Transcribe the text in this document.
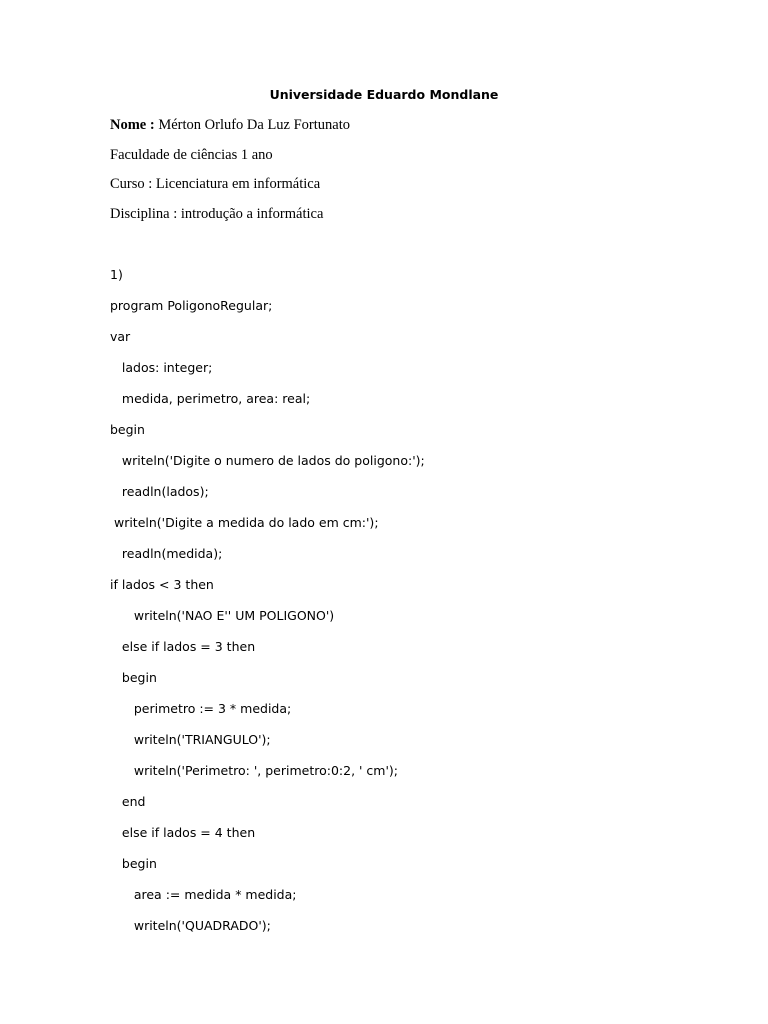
Universidade Eduardo Mondlane
Nome : Mérton Orlufo Da Luz Fortunato
Faculdade de ciências 1 ano
Curso : Licenciatura em informática
Disciplina : introdução a informática
1)
program PoligonoRegular;
var
lados: integer;
medida, perimetro, area: real;
begin
writeln('Digite o numero de lados do poligono:');
readln(lados);
writeln('Digite a medida do lado em cm:');
readln(medida);
if lados < 3 then
writeln('NAO E'' UM POLIGONO')
else if lados = 3 then
begin
perimetro := 3 * medida;
writeln('TRIANGULO');
writeln('Perimetro: ', perimetro:0:2, ' cm');
end
else if lados = 4 then
begin
area := medida * medida;
writeln('QUADRADO');
